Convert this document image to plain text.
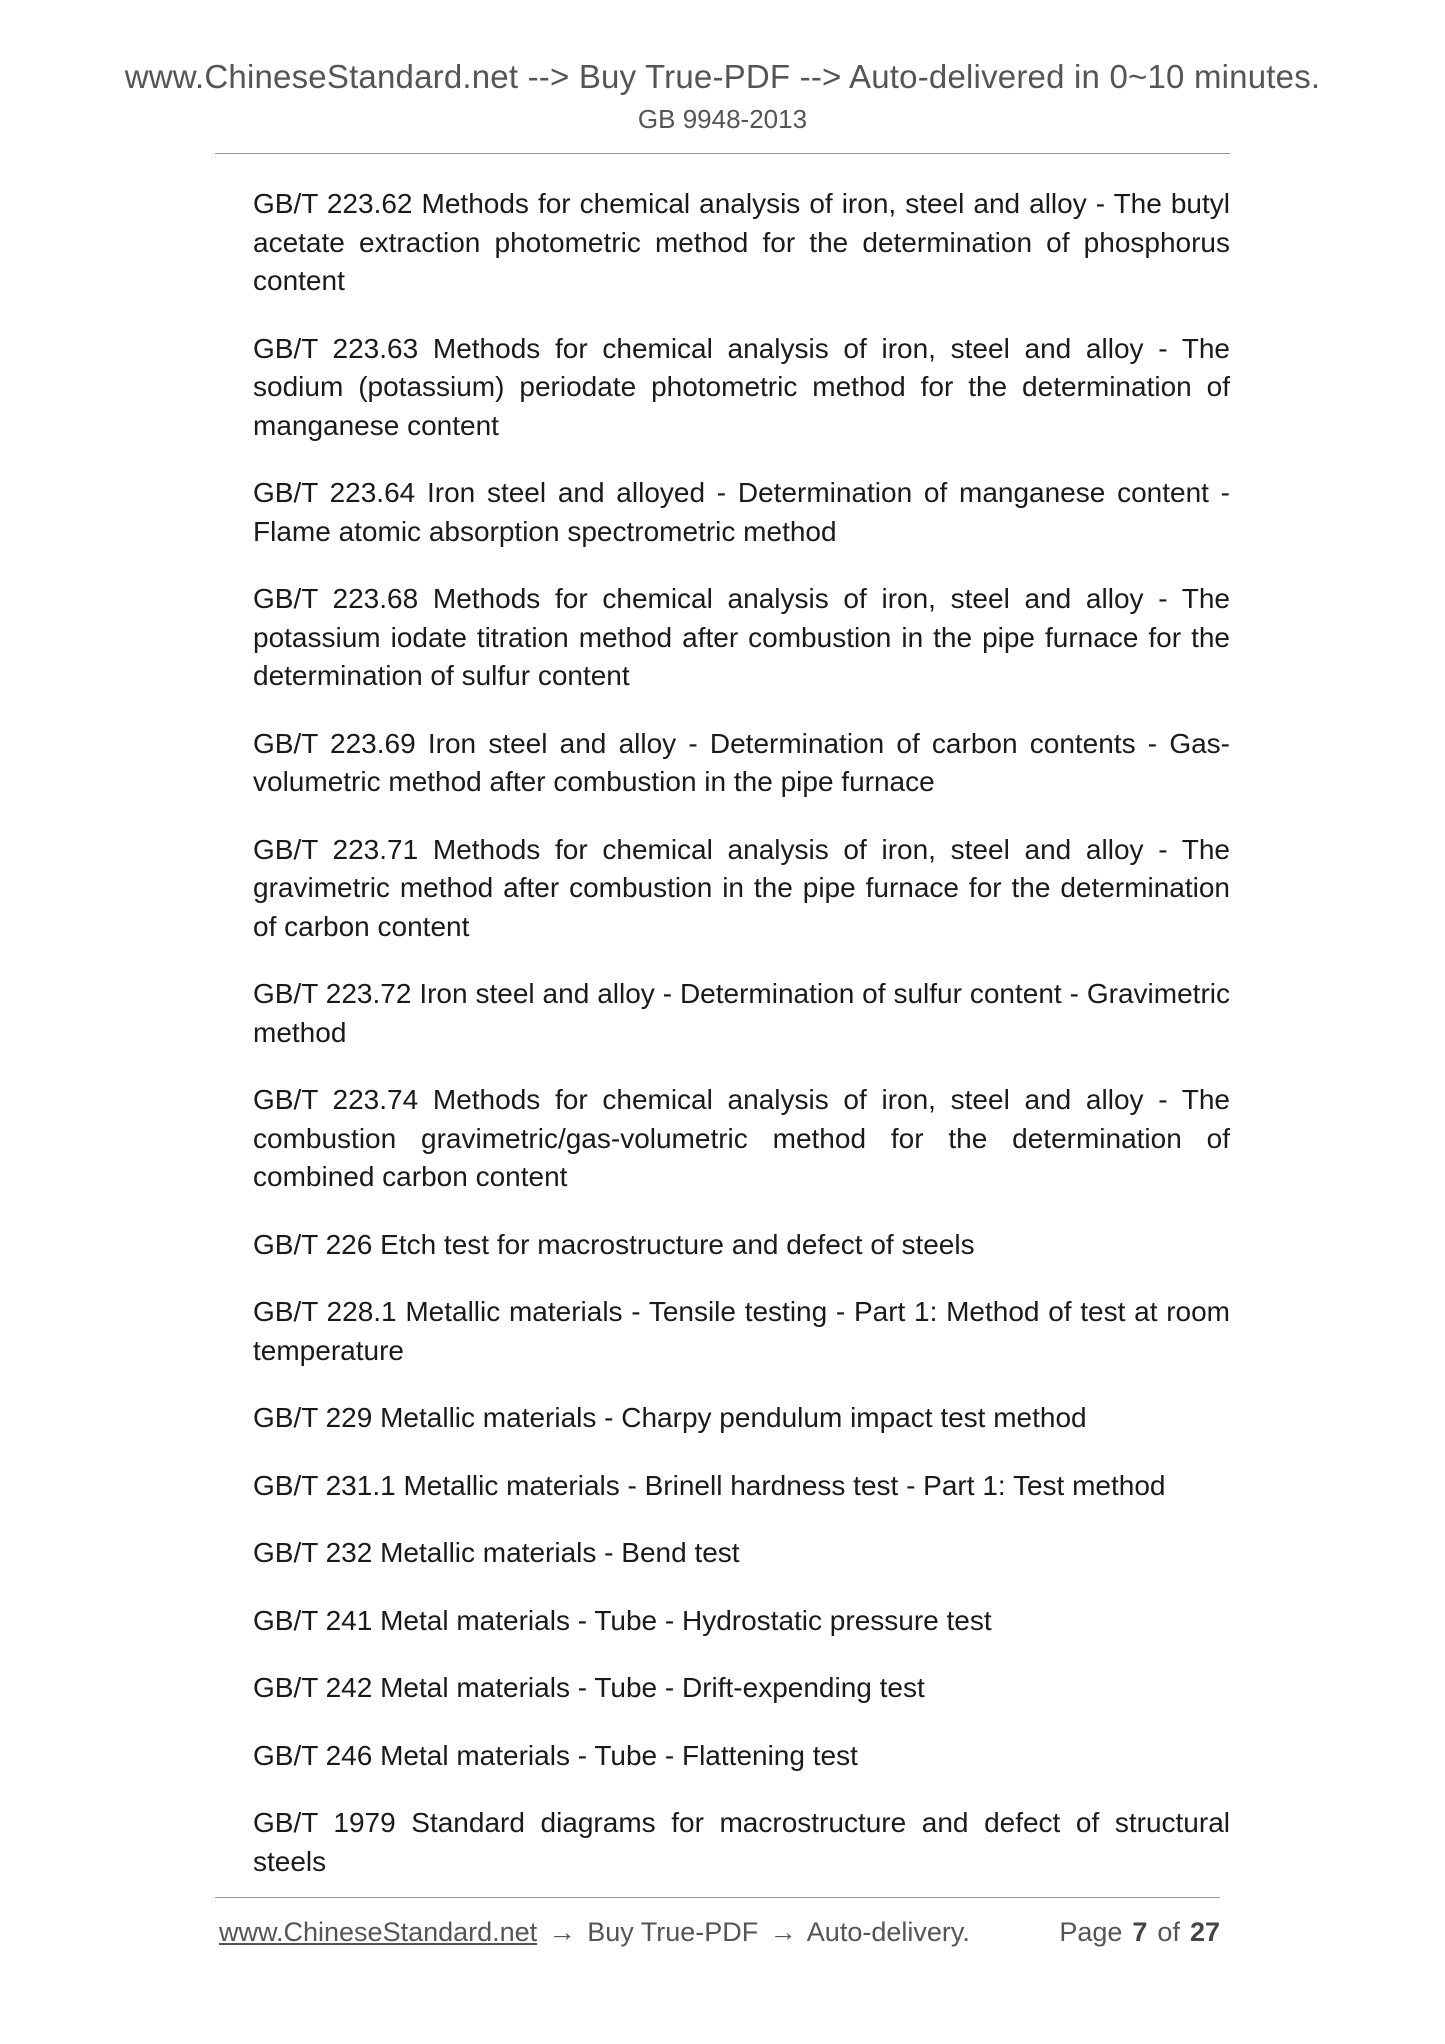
www.ChineseStandard.net --> Buy True-PDF --> Auto-delivered in 0~10 minutes.
GB 9948-2013
GB/T 223.62 Methods for chemical analysis of iron, steel and alloy - The butyl acetate extraction photometric method for the determination of phosphorus content
GB/T 223.63 Methods for chemical analysis of iron, steel and alloy - The sodium (potassium) periodate photometric method for the determination of manganese content
GB/T 223.64 Iron steel and alloyed - Determination of manganese content - Flame atomic absorption spectrometric method
GB/T 223.68 Methods for chemical analysis of iron, steel and alloy - The potassium iodate titration method after combustion in the pipe furnace for the determination of sulfur content
GB/T 223.69 Iron steel and alloy - Determination of carbon contents - Gas-volumetric method after combustion in the pipe furnace
GB/T 223.71 Methods for chemical analysis of iron, steel and alloy - The gravimetric method after combustion in the pipe furnace for the determination of carbon content
GB/T 223.72 Iron steel and alloy - Determination of sulfur content - Gravimetric method
GB/T 223.74 Methods for chemical analysis of iron, steel and alloy - The combustion gravimetric/gas-volumetric method for the determination of combined carbon content
GB/T 226 Etch test for macrostructure and defect of steels
GB/T 228.1 Metallic materials - Tensile testing - Part 1: Method of test at room temperature
GB/T 229 Metallic materials - Charpy pendulum impact test method
GB/T 231.1 Metallic materials - Brinell hardness test - Part 1: Test method
GB/T 232 Metallic materials - Bend test
GB/T 241 Metal materials - Tube - Hydrostatic pressure test
GB/T 242 Metal materials - Tube - Drift-expending test
GB/T 246 Metal materials - Tube - Flattening test
GB/T 1979 Standard diagrams for macrostructure and defect of structural steels
www.ChineseStandard.net → Buy True-PDF → Auto-delivery.	Page 7 of 27
